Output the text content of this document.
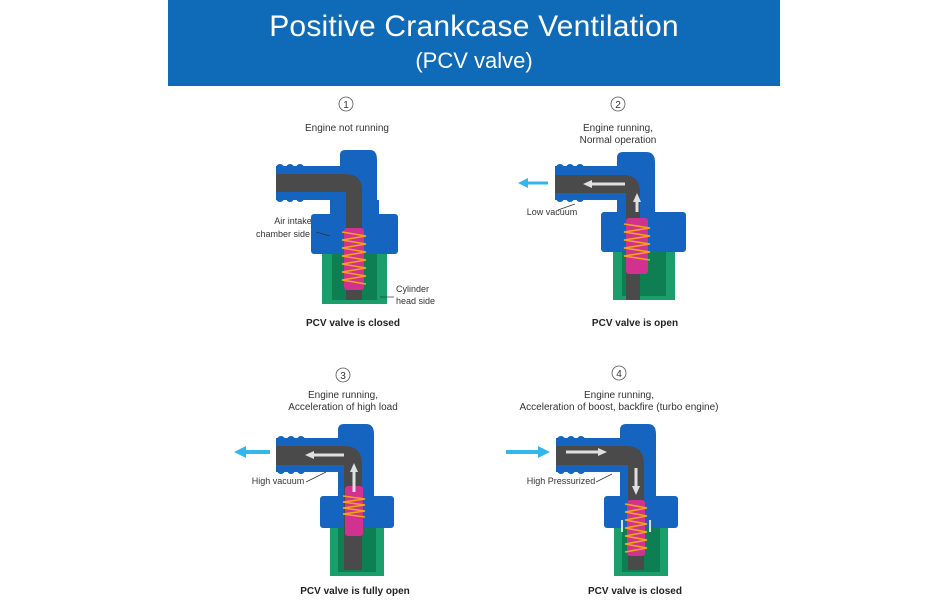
Positive Crankcase Ventilation
(PCV valve)
1
Engine not running
Air intake
chamber side
Cylinder
head side
PCV valve is closed
2
Engine running,
Normal operation
Low vacuum
PCV valve is open
3
Engine running,
Acceleration of high load
High vacuum
PCV valve is fully open
4
Engine running,
Acceleration of boost, backfire (turbo engine)
High Pressurized
PCV valve is closed
